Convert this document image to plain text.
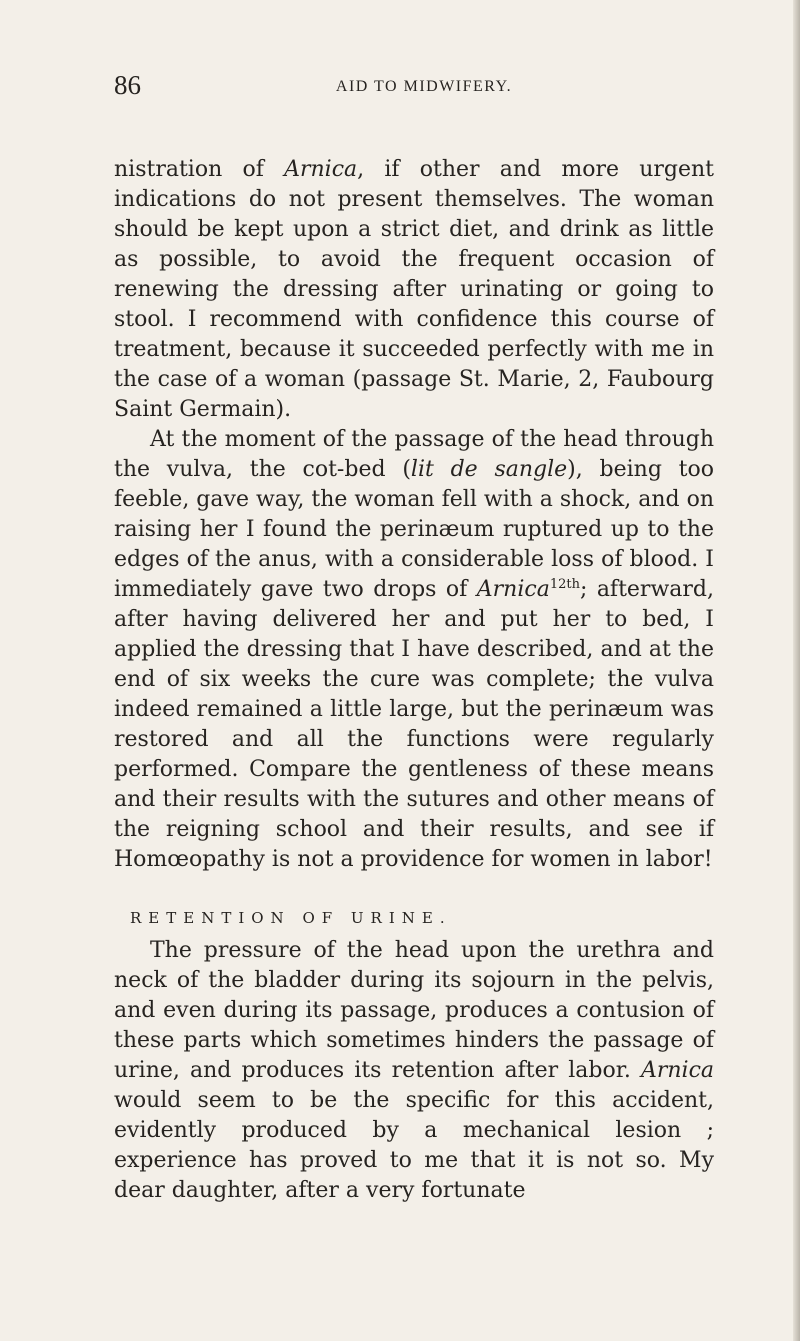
86	AID TO MIDWIFERY.

nistration of Arnica, if other and more urgent indications do not present themselves. The woman should be kept upon a strict diet, and drink as little as possible, to avoid the frequent occasion of renewing the dressing after urinating or going to stool. I recommend with confidence this course of treatment, because it succeeded perfectly with me in the case of a woman (passage St. Marie, 2, Faubourg Saint Germain).

At the moment of the passage of the head through the vulva, the cot-bed (lit de sangle), being too feeble, gave way, the woman fell with a shock, and on raising her I found the perinæum ruptured up to the edges of the anus, with a considerable loss of blood. I immediately gave two drops of Arnica$^{12th}$; afterward, after having delivered her and put her to bed, I applied the dressing that I have described, and at the end of six weeks the cure was complete; the vulva indeed remained a little large, but the perinæum was restored and all the functions were regularly performed. Compare the gentleness of these means and their results with the sutures and other means of the reigning school and their results, and see if Homœopathy is not a providence for women in labor!

RETENTION OF URINE.

The pressure of the head upon the urethra and neck of the bladder during its sojourn in the pelvis, and even during its passage, produces a contusion of these parts which sometimes hinders the passage of urine, and produces its retention after labor. Arnica would seem to be the specific for this accident, evidently produced by a mechanical lesion ; experience has proved to me that it is not so. My dear daughter, after a very fortunate
